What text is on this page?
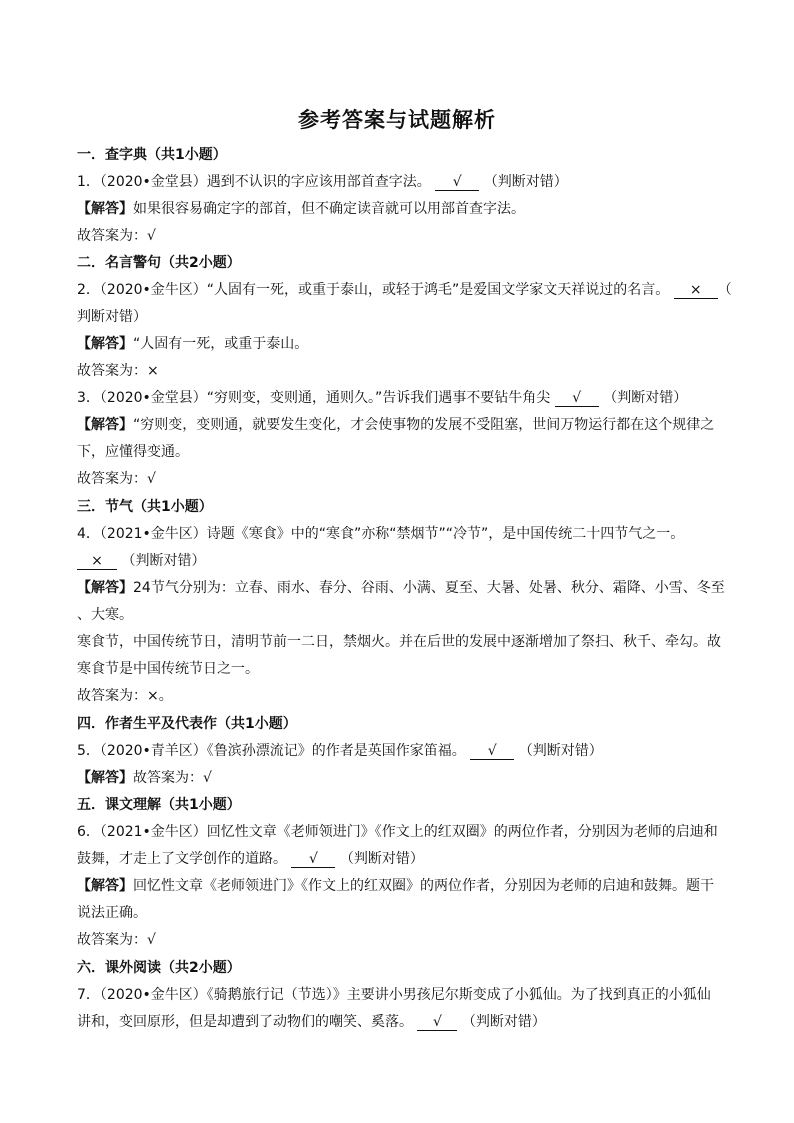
参考答案与试题解析
一．查字典（共1小题）
1．（2020•金堂县）遇到不认识的字应该用部首查字法。 √ （判断对错）
【解答】如果很容易确定字的部首，但不确定读音就可以用部首查字法。
故答案为：√
二．名言警句（共2小题）
2．（2020•金牛区）“人固有一死，或重于泰山，或轻于鸿毛”是爱国文学家文天祥说过的名言。 × （
判断对错）
【解答】“人固有一死，或重于泰山。
故答案为：×
3．（2020•金堂县）“穷则变，变则通，通则久。”告诉我们遇事不要钻牛角尖 √ （判断对错）
【解答】“穷则变，变则通，就要发生变化，才会使事物的发展不受阻塞，世间万物运行都在这个规律之
下，应懂得变通。
故答案为：√
三．节气（共1小题）
4．（2021•金牛区）诗题《寒食》中的“寒食”亦称“禁烟节”“冷节”，是中国传统二十四节气之一。
× （判断对错）
【解答】24节气分别为：立春、雨水、春分、谷雨、小满、夏至、大暑、处暑、秋分、霜降、小雪、冬至
、大寒。
寒食节，中国传统节日，清明节前一二日，禁烟火。并在后世的发展中逐渐增加了祭扫、秋千、牵勾。故
寒食节是中国传统节日之一。
故答案为：×。
四．作者生平及代表作（共1小题）
5．（2020•青羊区）《鲁滨孙漂流记》的作者是英国作家笛福。 √ （判断对错）
【解答】故答案为：√
五．课文理解（共1小题）
6．（2021•金牛区）回忆性文章《老师领进门》《作文上的红双圈》的两位作者，分别因为老师的启迪和
鼓舞，才走上了文学创作的道路。 √ （判断对错）
【解答】回忆性文章《老师领进门》《作文上的红双圈》的两位作者，分别因为老师的启迪和鼓舞。题干
说法正确。
故答案为：√
六．课外阅读（共2小题）
7．（2020•金牛区）《骑鹅旅行记（节选）》主要讲小男孩尼尔斯变成了小狐仙。为了找到真正的小狐仙
讲和，变回原形，但是却遭到了动物们的嘲笑、奚落。 √ （判断对错）
